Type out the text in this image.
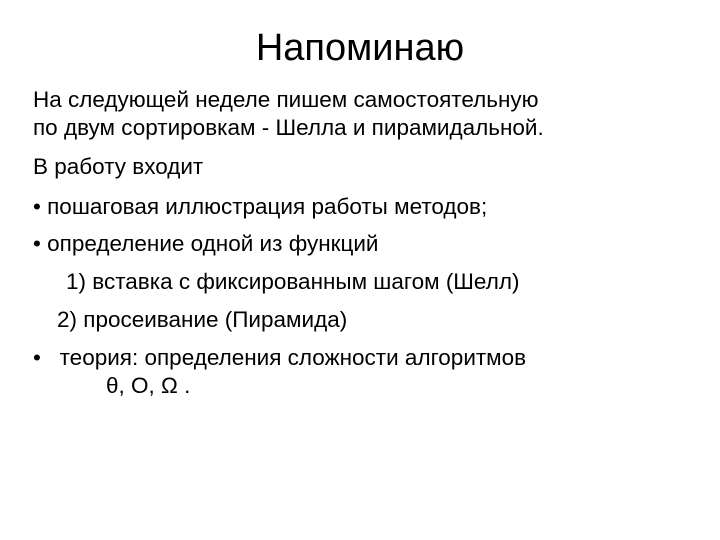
Напоминаю
На следующей неделе пишем самостоятельную
по двум сортировкам - Шелла и пирамидальной.
В работу входит
• пошаговая иллюстрация работы методов;
• определение одной из функций
1) вставка с фиксированным шагом (Шелл)
2) просеивание (Пирамида)
•   теория: определения сложности алгоритмов
θ, O, Ω .
